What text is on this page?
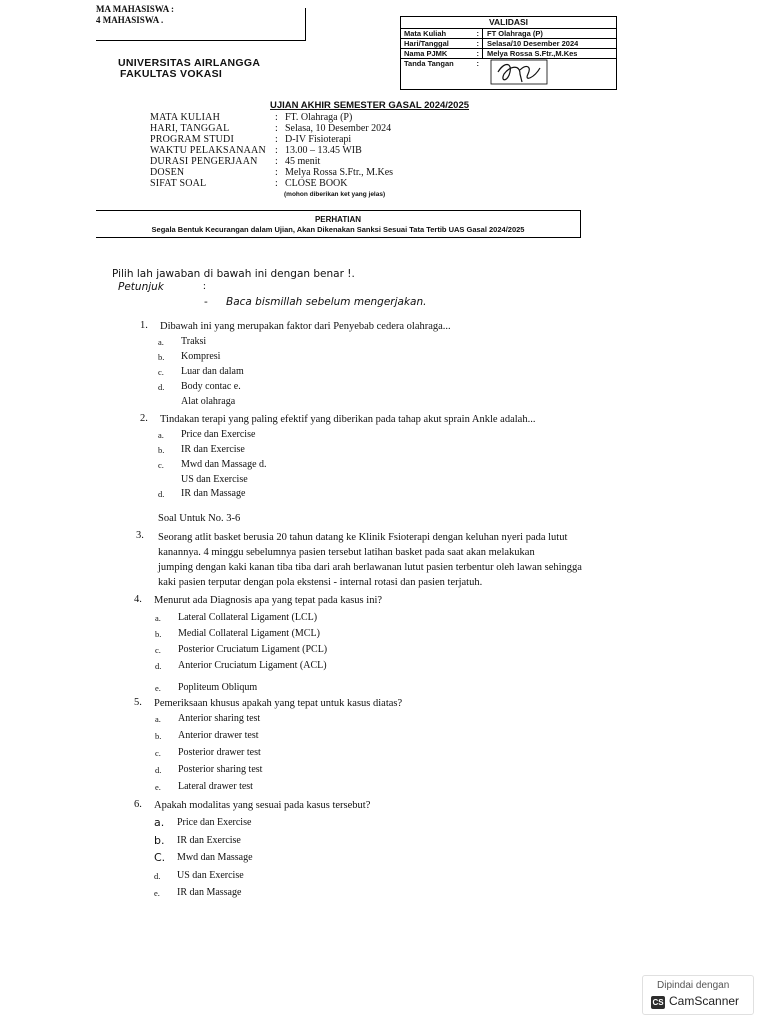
MA MAHASISWA :
4 MAHASISWA .
UNIVERSITAS AIRLANGGA
FAKULTAS VOKASI
VALIDASI
Mata Kuliah	:	FT Olahraga (P)
Hari/Tanggal	:	Selasa/10 Desember 2024
Nama PJMK	:	Melya Rossa S.Ftr.,M.Kes
Tanda Tangan	:
UJIAN AKHIR SEMESTER GASAL 2024/2025
MATA KULIAH	: FT. Olahraga (P)
HARI, TANGGAL	: Selasa, 10 Desember 2024
PROGRAM STUDI	: D-IV Fisioterapi
WAKTU PELAKSANAAN : 13.00 – 13.45 WIB
DURASI PENGERJAAN	: 45 menit
DOSEN	: Melya Rossa S.Ftr., M.Kes
SIFAT SOAL	: CLOSE BOOK
(mohon diberikan ket yang jelas)
PERHATIAN
Segala Bentuk Kecurangan dalam Ujian, Akan Dikenakan Sanksi Sesuai Tata Tertib UAS Gasal 2024/2025
Pilih lah jawaban di bawah ini dengan benar !.
Petunjuk	:
- Baca bismillah sebelum mengerjakan.
1. Dibawah ini yang merupakan faktor dari Penyebab cedera olahraga...
a. Traksi
b. Kompresi
c. Luar dan dalam
d. Body contac e.
Alat olahraga
2. Tindakan terapi yang paling efektif yang diberikan pada tahap akut sprain Ankle adalah...
a. Price dan Exercise
b. IR dan Exercise
c. Mwd dan Massage d.
US dan Exercise
d. IR dan Massage
Soal Untuk No. 3-6
3. Seorang atlit basket berusia 20 tahun datang ke Klinik Fsioterapi dengan keluhan nyeri pada lutut
kanannya. 4 minggu sebelumnya pasien tersebut latihan basket pada saat akan melakukan
jumping dengan kaki kanan tiba tiba dari arah berlawanan lutut pasien terbentur oleh lawan sehingga
kaki pasien terputar dengan pola ekstensi - internal rotasi dan pasien terjatuh.
4. Menurut ada Diagnosis apa yang tepat pada kasus ini?
a. Lateral Collateral Ligament (LCL)
b. Medial Collateral Ligament (MCL)
c. Posterior Cruciatum Ligament (PCL)
d. Anterior Cruciatum Ligament (ACL)
e. Popliteum Obliqum
5. Pemeriksaan khusus apakah yang tepat untuk kasus diatas?
a. Anterior sharing test
b. Anterior drawer test
c. Posterior drawer test
d. Posterior sharing test
e. Lateral drawer test
6. Apakah modalitas yang sesuai pada kasus tersebut?
a. Price dan Exercise
b. IR dan Exercise
C. Mwd dan Massage
d. US dan Exercise
e. IR dan Massage
Dipindai dengan
CS CamScanner
